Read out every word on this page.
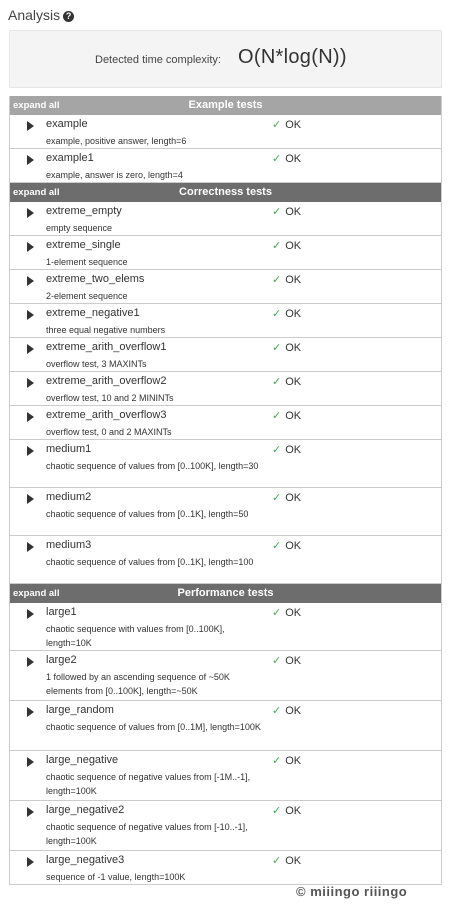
Analysis ?
Detected time complexity: O(N*log(N))
expand all	Example tests
example
example, positive answer, length=6
✓ OK
example1
example, answer is zero, length=4
✓ OK
expand all	Correctness tests
extreme_empty
empty sequence
✓ OK
extreme_single
1-element sequence
✓ OK
extreme_two_elems
2-element sequence
✓ OK
extreme_negative1
three equal negative numbers
✓ OK
extreme_arith_overflow1
overflow test, 3 MAXINTs
✓ OK
extreme_arith_overflow2
overflow test, 10 and 2 MININTs
✓ OK
extreme_arith_overflow3
overflow test, 0 and 2 MAXINTs
✓ OK
medium1
chaotic sequence of values from [0..100K], length=30
✓ OK
medium2
chaotic sequence of values from [0..1K], length=50
✓ OK
medium3
chaotic sequence of values from [0..1K], length=100
✓ OK
expand all	Performance tests
large1
chaotic sequence with values from [0..100K], length=10K
✓ OK
large2
1 followed by an ascending sequence of ~50K elements from [0..100K], length=~50K
✓ OK
large_random
chaotic sequence of values from [0..1M], length=100K
✓ OK
large_negative
chaotic sequence of negative values from [-1M..-1], length=100K
✓ OK
large_negative2
chaotic sequence of negative values from [-10..-1], length=100K
✓ OK
large_negative3
sequence of -1 value, length=100K
✓ OK
© miiingo riiingo
